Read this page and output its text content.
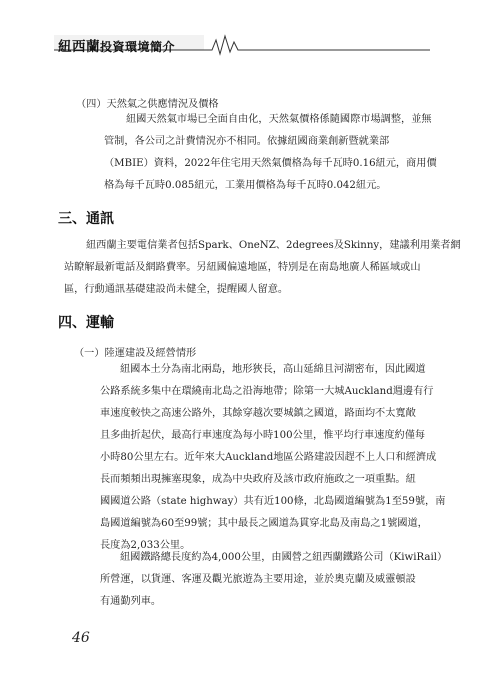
紐西蘭投資環境簡介
（四）天然氣之供應情況及價格
紐國天然氣市場已全面自由化，天然氣價格係隨國際市場調整，並無
管制，各公司之計費情況亦不相同。依據紐國商業創新暨就業部
（MBIE）資料，2022年住宅用天然氣價格為每千瓦時0.16紐元，商用價
格為每千瓦時0.085紐元，工業用價格為每千瓦時0.042紐元。
三、通訊
紐西蘭主要電信業者包括Spark、OneNZ、2degrees及Skinny，建議利用業者網
站瞭解最新電話及網路費率。另紐國偏遠地區，特別是在南島地廣人稀區域或山
區，行動通訊基礎建設尚未健全，提醒國人留意。
四、運輸
（一）陸運建設及經營情形
紐國本土分為南北兩島，地形狹長，高山延綿且河湖密布，因此國道
公路系統多集中在環繞南北島之沿海地帶；除第一大城Auckland週邊有行
車速度較快之高速公路外，其餘穿越次要城鎮之國道，路面均不太寬敞
且多曲折起伏，最高行車速度為每小時100公里，惟平均行車速度約僅每
小時80公里左右。近年來大Auckland地區公路建設因趕不上人口和經濟成
長而頻頻出現擁塞現象，成為中央政府及該市政府施政之一項重點。紐
國國道公路（state highway）共有近100條，北島國道編號為1至59號，南
島國道編號為60至99號；其中最長之國道為貫穿北島及南島之1號國道，
長度為2,033公里。
紐國鐵路總長度約為4,000公里，由國營之紐西蘭鐵路公司（KiwiRail）
所營運，以貨運、客運及觀光旅遊為主要用途，並於奧克蘭及威靈頓設
有通勤列車。
46
